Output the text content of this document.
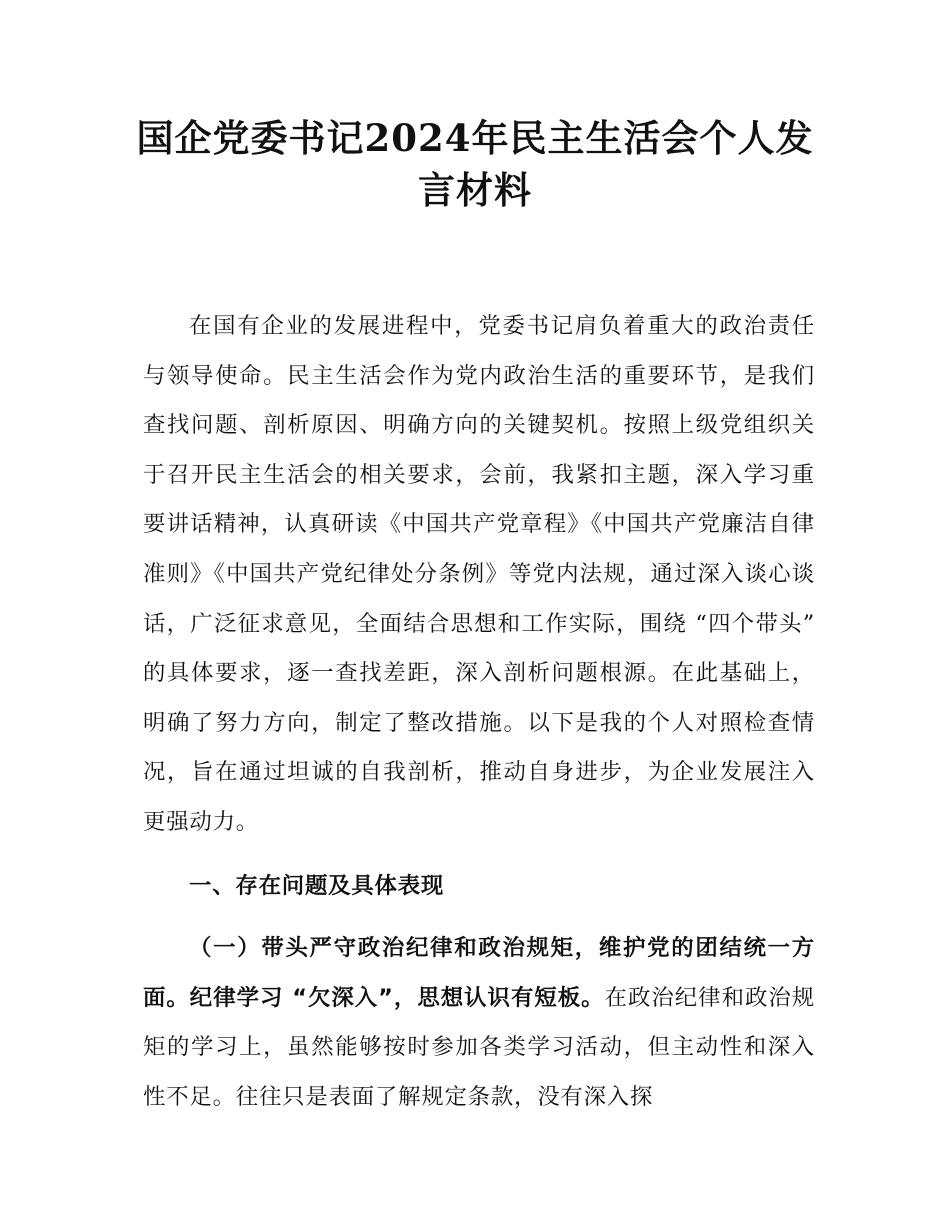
国企党委书记2024年民主生活会个人发言材料

在国有企业的发展进程中，党委书记肩负着重大的政治责任与领导使命。民主生活会作为党内政治生活的重要环节，是我们查找问题、剖析原因、明确方向的关键契机。按照上级党组织关于召开民主生活会的相关要求，会前，我紧扣主题，深入学习重要讲话精神，认真研读《中国共产党章程》《中国共产党廉洁自律准则》《中国共产党纪律处分条例》等党内法规，通过深入谈心谈话，广泛征求意见，全面结合思想和工作实际，围绕 “四个带头” 的具体要求，逐一查找差距，深入剖析问题根源。在此基础上，明确了努力方向，制定了整改措施。以下是我的个人对照检查情况，旨在通过坦诚的自我剖析，推动自身进步，为企业发展注入更强动力。

一、存在问题及具体表现

（一）带头严守政治纪律和政治规矩，维护党的团结统一方面。纪律学习 “欠深入”，思想认识有短板。在政治纪律和政治规矩的学习上，虽然能够按时参加各类学习活动，但主动性和深入性不足。往往只是表面了解规定条款，没有深入探
